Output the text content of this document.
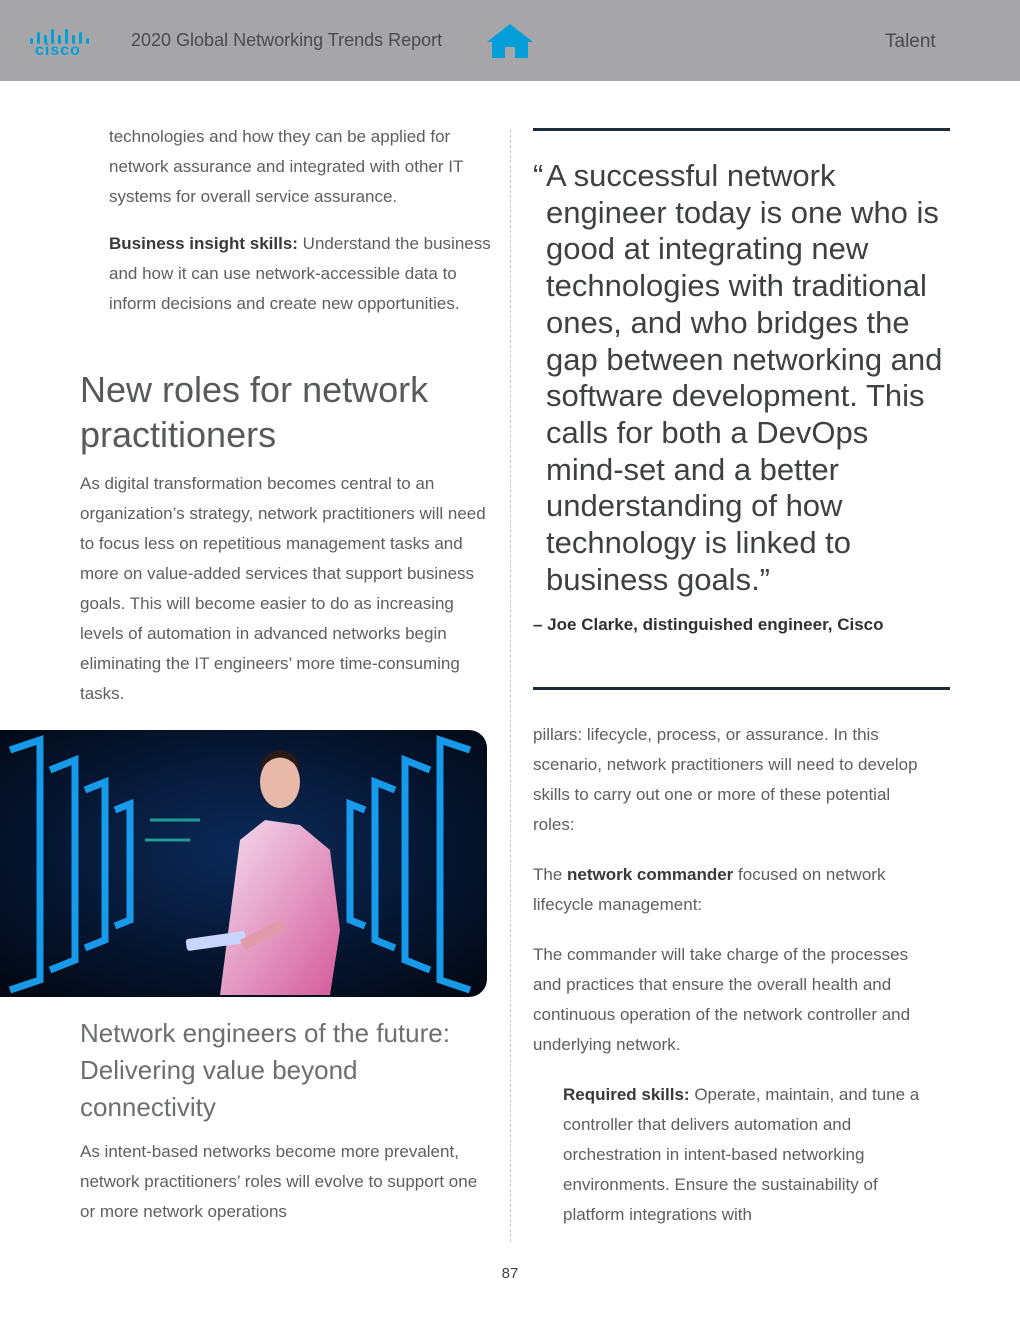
cisco
2020 Global Networking Trends Report	Talent

technologies and how they can be applied for network assurance and integrated with other IT systems for overall service assurance.

Business insight skills: Understand the business and how it can use network-accessible data to inform decisions and create new opportunities.

New roles for network practitioners

As digital transformation becomes central to an organization’s strategy, network practitioners will need to focus less on repetitious management tasks and more on value-added services that support business goals. This will become easier to do as increasing levels of automation in advanced networks begin eliminating the IT engineers’ more time-consuming tasks.

Network engineers of the future: Delivering value beyond connectivity

As intent-based networks become more prevalent, network practitioners’ roles will evolve to support one or more network operations

“ A successful network engineer today is one who is good at integrating new technologies with traditional ones, and who bridges the gap between networking and software development. This calls for both a DevOps mind-set and a better understanding of how technology is linked to business goals.”
– Joe Clarke, distinguished engineer, Cisco

pillars: lifecycle, process, or assurance. In this scenario, network practitioners will need to develop skills to carry out one or more of these potential roles:

The network commander focused on network lifecycle management:

The commander will take charge of the processes and practices that ensure the overall health and continuous operation of the network controller and underlying network.

Required skills: Operate, maintain, and tune a controller that delivers automation and orchestration in intent-based networking environments. Ensure the sustainability of platform integrations with

87
